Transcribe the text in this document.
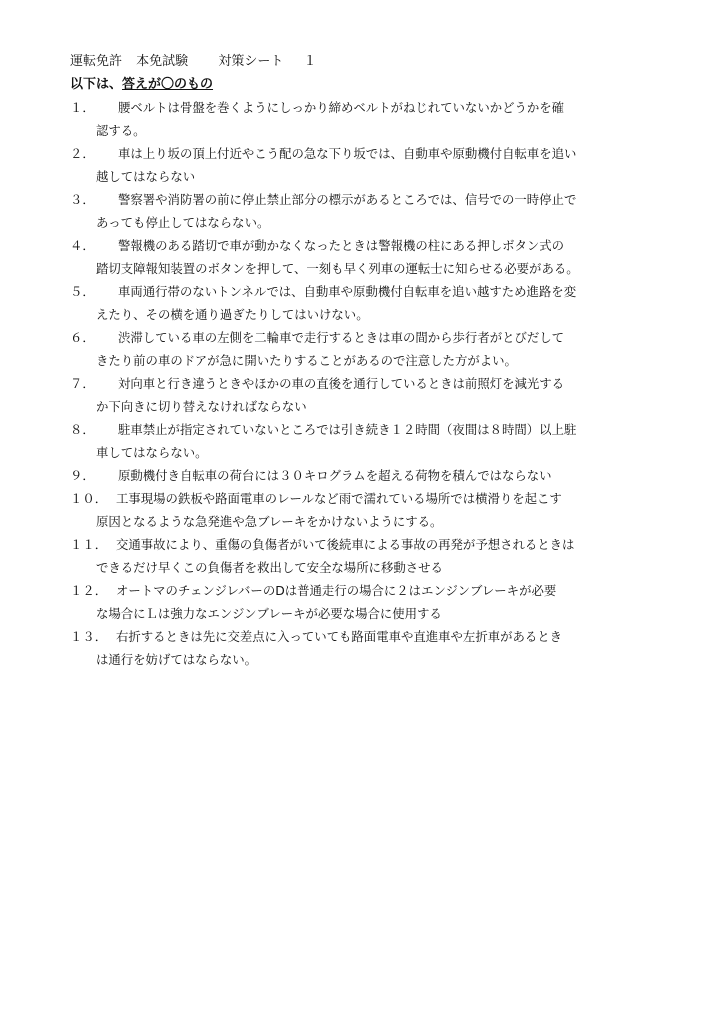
運転免許 本免試験 対策シート １
以下は、答えが〇のもの
１．	腰ベルトは骨盤を巻くようにしっかり締めベルトがねじれていないかどうかを確
認する。
２．	車は上り坂の頂上付近やこう配の急な下り坂では、自動車や原動機付自転車を追い
越してはならない
３．	警察署や消防署の前に停止禁止部分の標示があるところでは、信号での一時停止で
あっても停止してはならない。
４．	警報機のある踏切で車が動かなくなったときは警報機の柱にある押しボタン式の
踏切支障報知装置のボタンを押して、一刻も早く列車の運転士に知らせる必要がある。
５．	車両通行帯のないトンネルでは、自動車や原動機付自転車を追い越すため進路を変
えたり、その横を通り過ぎたりしてはいけない。
６．	渋滞している車の左側を二輪車で走行するときは車の間から歩行者がとびだして
きたり前の車のドアが急に開いたりすることがあるので注意した方がよい。
７．	対向車と行き違うときやほかの車の直後を通行しているときは前照灯を減光する
か下向きに切り替えなければならない
８．	駐車禁止が指定されていないところでは引き続き１２時間（夜間は８時間）以上駐
車してはならない。
９．	原動機付き自転車の荷台には３０キログラムを超える荷物を積んではならない
１０． 工事現場の鉄板や路面電車のレールなど雨で濡れている場所では横滑りを起こす
原因となるような急発進や急ブレーキをかけないようにする。
１１． 交通事故により、重傷の負傷者がいて後続車による事故の再発が予想されるときは
できるだけ早くこの負傷者を救出して安全な場所に移動させる
１２． オートマのチェンジレバーのDは普通走行の場合に２はエンジンブレーキが必要
な場合にＬは強力なエンジンブレーキが必要な場合に使用する
１３． 右折するときは先に交差点に入っていても路面電車や直進車や左折車があるとき
は通行を妨げてはならない。
